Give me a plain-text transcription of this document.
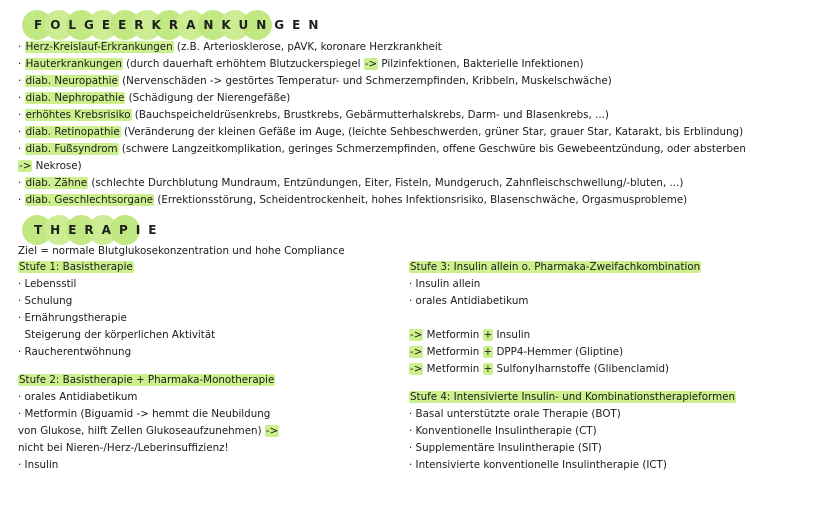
FOLGEERKRANKUNGEN
· Herz-Kreislauf-Erkrankungen (z.B. Arteriosklerose, pAVK, koronare Herzkrankheit
· Hauterkrankungen (durch dauerhaft erhöhtem Blutzuckerspiegel -> Pilzinfektionen, Bakterielle Infektionen)
· diab. Neuropathie (Nervenschäden -> gestörtes Temperatur- und Schmerzempfinden, Kribbeln, Muskelschwäche)
· diab. Nephropathie (Schädigung der Nierengefäße)
· erhöhtes Krebsrisiko (Bauchspeicheldrüsenkrebs, Brustkrebs, Gebärmutterhalskrebs, Darm- und Blasenkrebs, ...)
· diab. Retinopathie (Veränderung der kleinen Gefäße im Auge, (leichte Sehbeschwerden, grüner Star, grauer Star, Katarakt, bis Erblindung)
· diab. Fußsyndrom (schwere Langzeitkomplikation, geringes Schmerzempfinden, offene Geschwüre bis Gewebeentzündung, oder absterben
-> Nekrose)
· diab. Zähne (schlechte Durchblutung Mundraum, Entzündungen, Eiter, Fisteln, Mundgeruch, Zahnfleischschwellung/-bluten, ...)
· diab. Geschlechtsorgane (Errektionsstörung, Scheidentrockenheit, hohes Infektionsrisiko, Blasenschwäche, Orgasmusprobleme)
THERAPIE
Ziel = normale Blutglukosekonzentration und hohe Compliance
Stufe 1: Basistherapie
· Lebensstil
· Schulung
· Ernährungstherapie
Steigerung der körperlichen Aktivität
· Raucherentwöhnung
Stufe 2: Basistherapie + Pharmaka-Monotherapie
· orales Antidiabetikum
· Metformin (Biguamid -> hemmt die Neubildung
von Glukose, hilft Zellen Glukoseaufzunehmen) ->
nicht bei Nieren-/Herz-/Leberinsuffizienz!
· Insulin
Stufe 3: Insulin allein o. Pharmaka-Zweifachkombination
· Insulin allein
· orales Antidiabetikum

-> Metformin + Insulin
-> Metformin + DPP4-Hemmer (Gliptine)
-> Metformin + Sulfonylharnstoffe (Glibenclamid)
Stufe 4: Intensivierte Insulin- und Kombinationstherapieformen
· Basal unterstützte orale Therapie (BOT)
· Konventionelle Insulintherapie (CT)
· Supplementäre Insulintherapie (SIT)
· Intensivierte konventionelle Insulintherapie (ICT)
